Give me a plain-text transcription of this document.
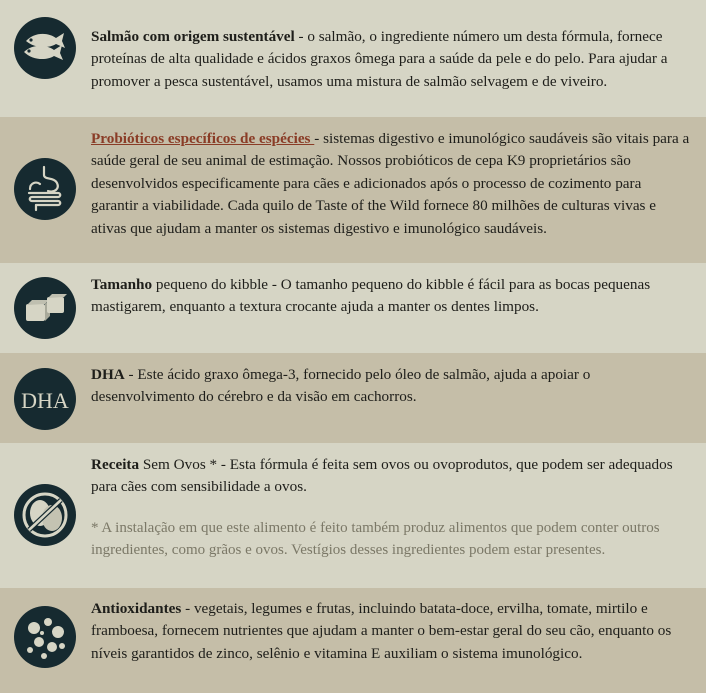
Salmão com origem sustentável - o salmão, o ingrediente número um desta fórmula, fornece proteínas de alta qualidade e ácidos graxos ômega para a saúde da pele e do pelo. Para ajudar a promover a pesca sustentável, usamos uma mistura de salmão selvagem e de viveiro.
Probióticos específicos de espécies - sistemas digestivo e imunológico saudáveis são vitais para a saúde geral de seu animal de estimação. Nossos probióticos de cepa K9 proprietários são desenvolvidos especificamente para cães e adicionados após o processo de cozimento para garantir a viabilidade. Cada quilo de Taste of the Wild fornece 80 milhões de culturas vivas e ativas que ajudam a manter os sistemas digestivo e imunológico saudáveis.
Tamanho pequeno do kibble - O tamanho pequeno do kibble é fácil para as bocas pequenas mastigarem, enquanto a textura crocante ajuda a manter os dentes limpos.
DHA
DHA - Este ácido graxo ômega-3, fornecido pelo óleo de salmão, ajuda a apoiar o desenvolvimento do cérebro e da visão em cachorros.
Receita Sem Ovos * - Esta fórmula é feita sem ovos ou ovoprodutos, que podem ser adequados para cães com sensibilidade a ovos.
* A instalação em que este alimento é feito também produz alimentos que podem conter outros ingredientes, como grãos e ovos. Vestígios desses ingredientes podem estar presentes.
Antioxidantes - vegetais, legumes e frutas, incluindo batata-doce, ervilha, tomate, mirtilo e framboesa, fornecem nutrientes que ajudam a manter o bem-estar geral do seu cão, enquanto os níveis garantidos de zinco, selênio e vitamina E auxiliam o sistema imunológico.
